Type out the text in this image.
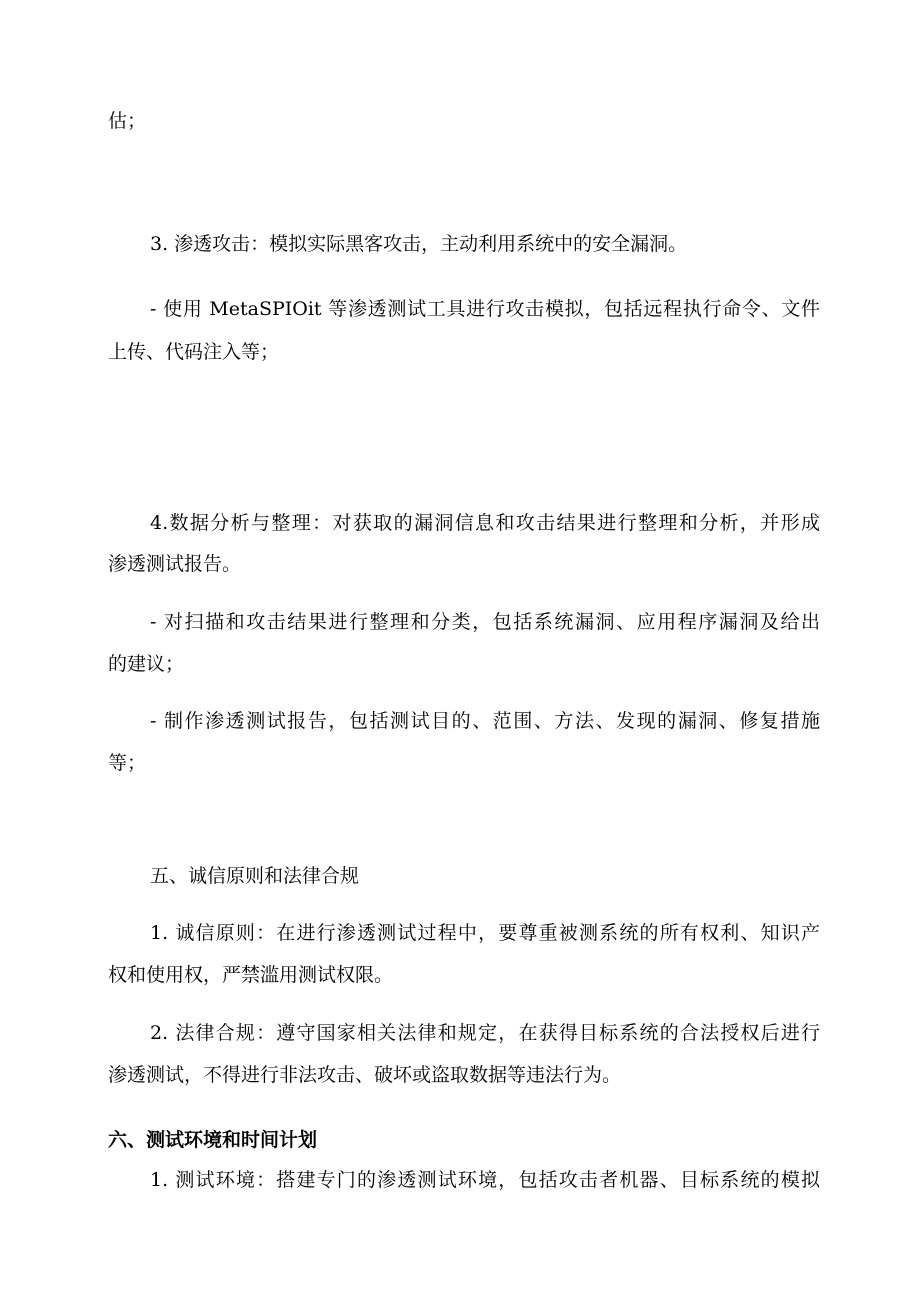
估；
3. 渗透攻击：模拟实际黑客攻击，主动利用系统中的安全漏洞。
- 使用 MetaSPIOit 等渗透测试工具进行攻击模拟，包括远程执行命令、文件
上传、代码注入等；
4.数据分析与整理：对获取的漏洞信息和攻击结果进行整理和分析，并形成
渗透测试报告。
- 对扫描和攻击结果进行整理和分类，包括系统漏洞、应用程序漏洞及给出
的建议；
- 制作渗透测试报告，包括测试目的、范围、方法、发现的漏洞、修复措施
等；
五、诚信原则和法律合规
1. 诚信原则：在进行渗透测试过程中，要尊重被测系统的所有权利、知识产
权和使用权，严禁滥用测试权限。
2. 法律合规：遵守国家相关法律和规定，在获得目标系统的合法授权后进行
渗透测试，不得进行非法攻击、破坏或盗取数据等违法行为。
六、测试环境和时间计划
1. 测试环境：搭建专门的渗透测试环境，包括攻击者机器、目标系统的模拟
